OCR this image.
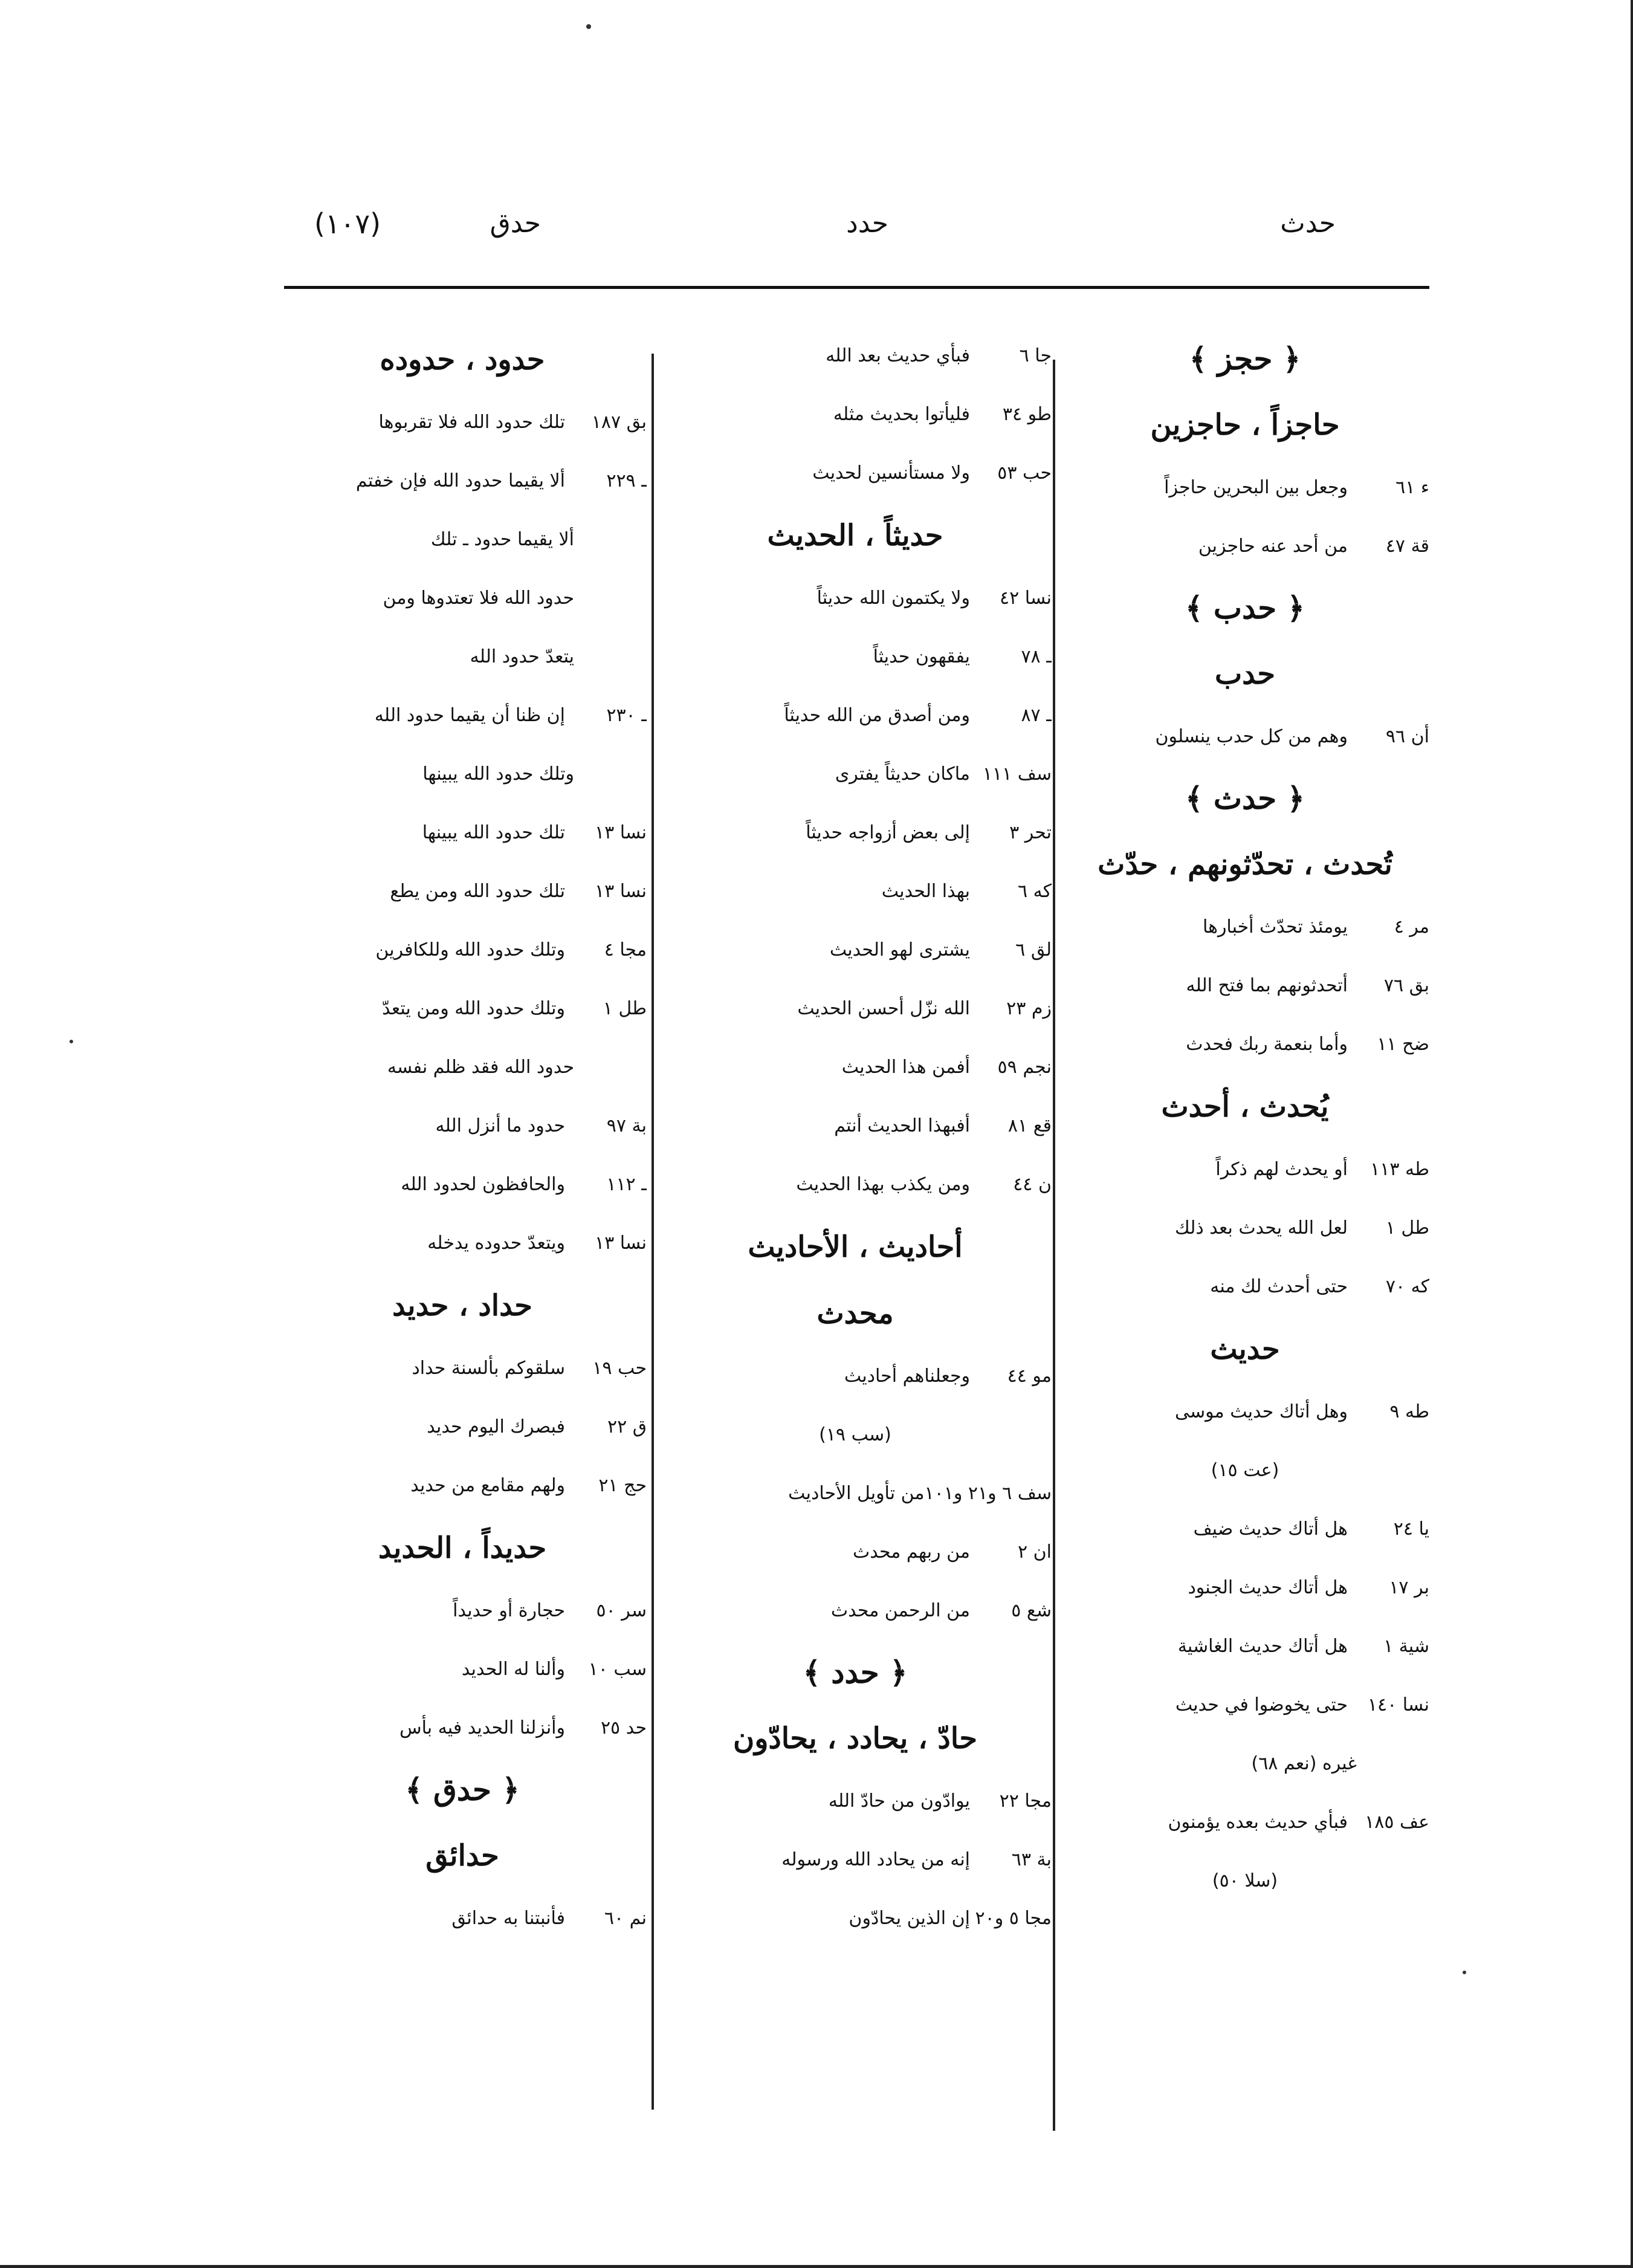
حدث
حدد
حدق
(١٠٧)
﴿ حجز ﴾
حاجزاً ، حاجزين
ء ٦١وجعل بين البحرين حاجزاً
قة ٤٧من أحد عنه حاجزين
﴿ حدب ﴾
حدب
أن ٩٦وهم من كل حدب ينسلون
﴿ حدث ﴾
تُحدث ، تحدّثونهم ، حدّث
مر ٤يومئذ تحدّث أخبارها
بق ٧٦أتحدثونهم بما فتح الله
ضح ١١وأما بنعمة ربك فحدث
يُحدث ، أحدث
طه ١١٣أو يحدث لهم ذكراً
طل ١لعل الله يحدث بعد ذلك
كه ٧٠حتى أحدث لك منه
حديث
طه ٩وهل أتاك حديث موسى
(عت ١٥)
يا ٢٤هل أتاك حديث ضيف
بر ١٧هل أتاك حديث الجنود
شية ١هل أتاك حديث الغاشية
نسا ١٤٠حتى يخوضوا في حديث
غيره (نعم ٦٨)
عف ١٨٥فبأي حديث بعده يؤمنون
(سلا ٥٠)
جا ٦فبأي حديث بعد الله
طو ٣٤فليأتوا بحديث مثله
حب ٥٣ولا مستأنسين لحديث
حديثاً ، الحديث
نسا ٤٢ولا يكتمون الله حديثاً
ـ ٧٨يفقهون حديثاً
ـ ٨٧ومن أصدق من الله حديثاً
سف ١١١ماكان حديثاً يفترى
تحر ٣إلى بعض أزواجه حديثاً
كه ٦بهذا الحديث
لق ٦يشترى لهو الحديث
زم ٢٣الله نزّل أحسن الحديث
نجم ٥٩أفمن هذا الحديث
قع ٨١أفبهذا الحديث أنتم
ن ٤٤ومن يكذب بهذا الحديث
أحاديث ، الأحاديث
محدث
مو ٤٤وجعلناهم أحاديث
(سب ١٩)
سف ٦ و٢١ و١٠١من تأويل الأحاديث
ان ٢من ربهم محدث
شع ٥من الرحمن محدث
﴿ حدد ﴾
حادّ ، يحادد ، يحادّون
مجا ٢٢يوادّون من حادّ الله
بة ٦٣إنه من يحادد الله ورسوله
مجا ٥ و٢٠إن الذين يحادّون
حدود ، حدوده
بق ١٨٧تلك حدود الله فلا تقربوها
ـ ٢٢٩ألا يقيما حدود الله فإن خفتم
ألا يقيما حدود ـ تلك
حدود الله فلا تعتدوها ومن
يتعدّ حدود الله
ـ ٢٣٠إن ظنا أن يقيما حدود الله
وتلك حدود الله يبينها
نسا ١٣تلك حدود الله يبينها
نسا ١٣تلك حدود الله ومن يطع
مجا ٤وتلك حدود الله وللكافرين
طل ١وتلك حدود الله ومن يتعدّ
حدود الله فقد ظلم نفسه
بة ٩٧حدود ما أنزل الله
ـ ١١٢والحافظون لحدود الله
نسا ١٣ويتعدّ حدوده يدخله
حداد ، حديد
حب ١٩سلقوكم بألسنة حداد
ق ٢٢فبصرك اليوم حديد
حج ٢١ولهم مقامع من حديد
حديداً ، الحديد
سر ٥٠حجارة أو حديداً
سب ١٠وألنا له الحديد
حد ٢٥وأنزلنا الحديد فيه بأس
﴿ حدق ﴾
حدائق
نم ٦٠فأنبتنا به حدائق
